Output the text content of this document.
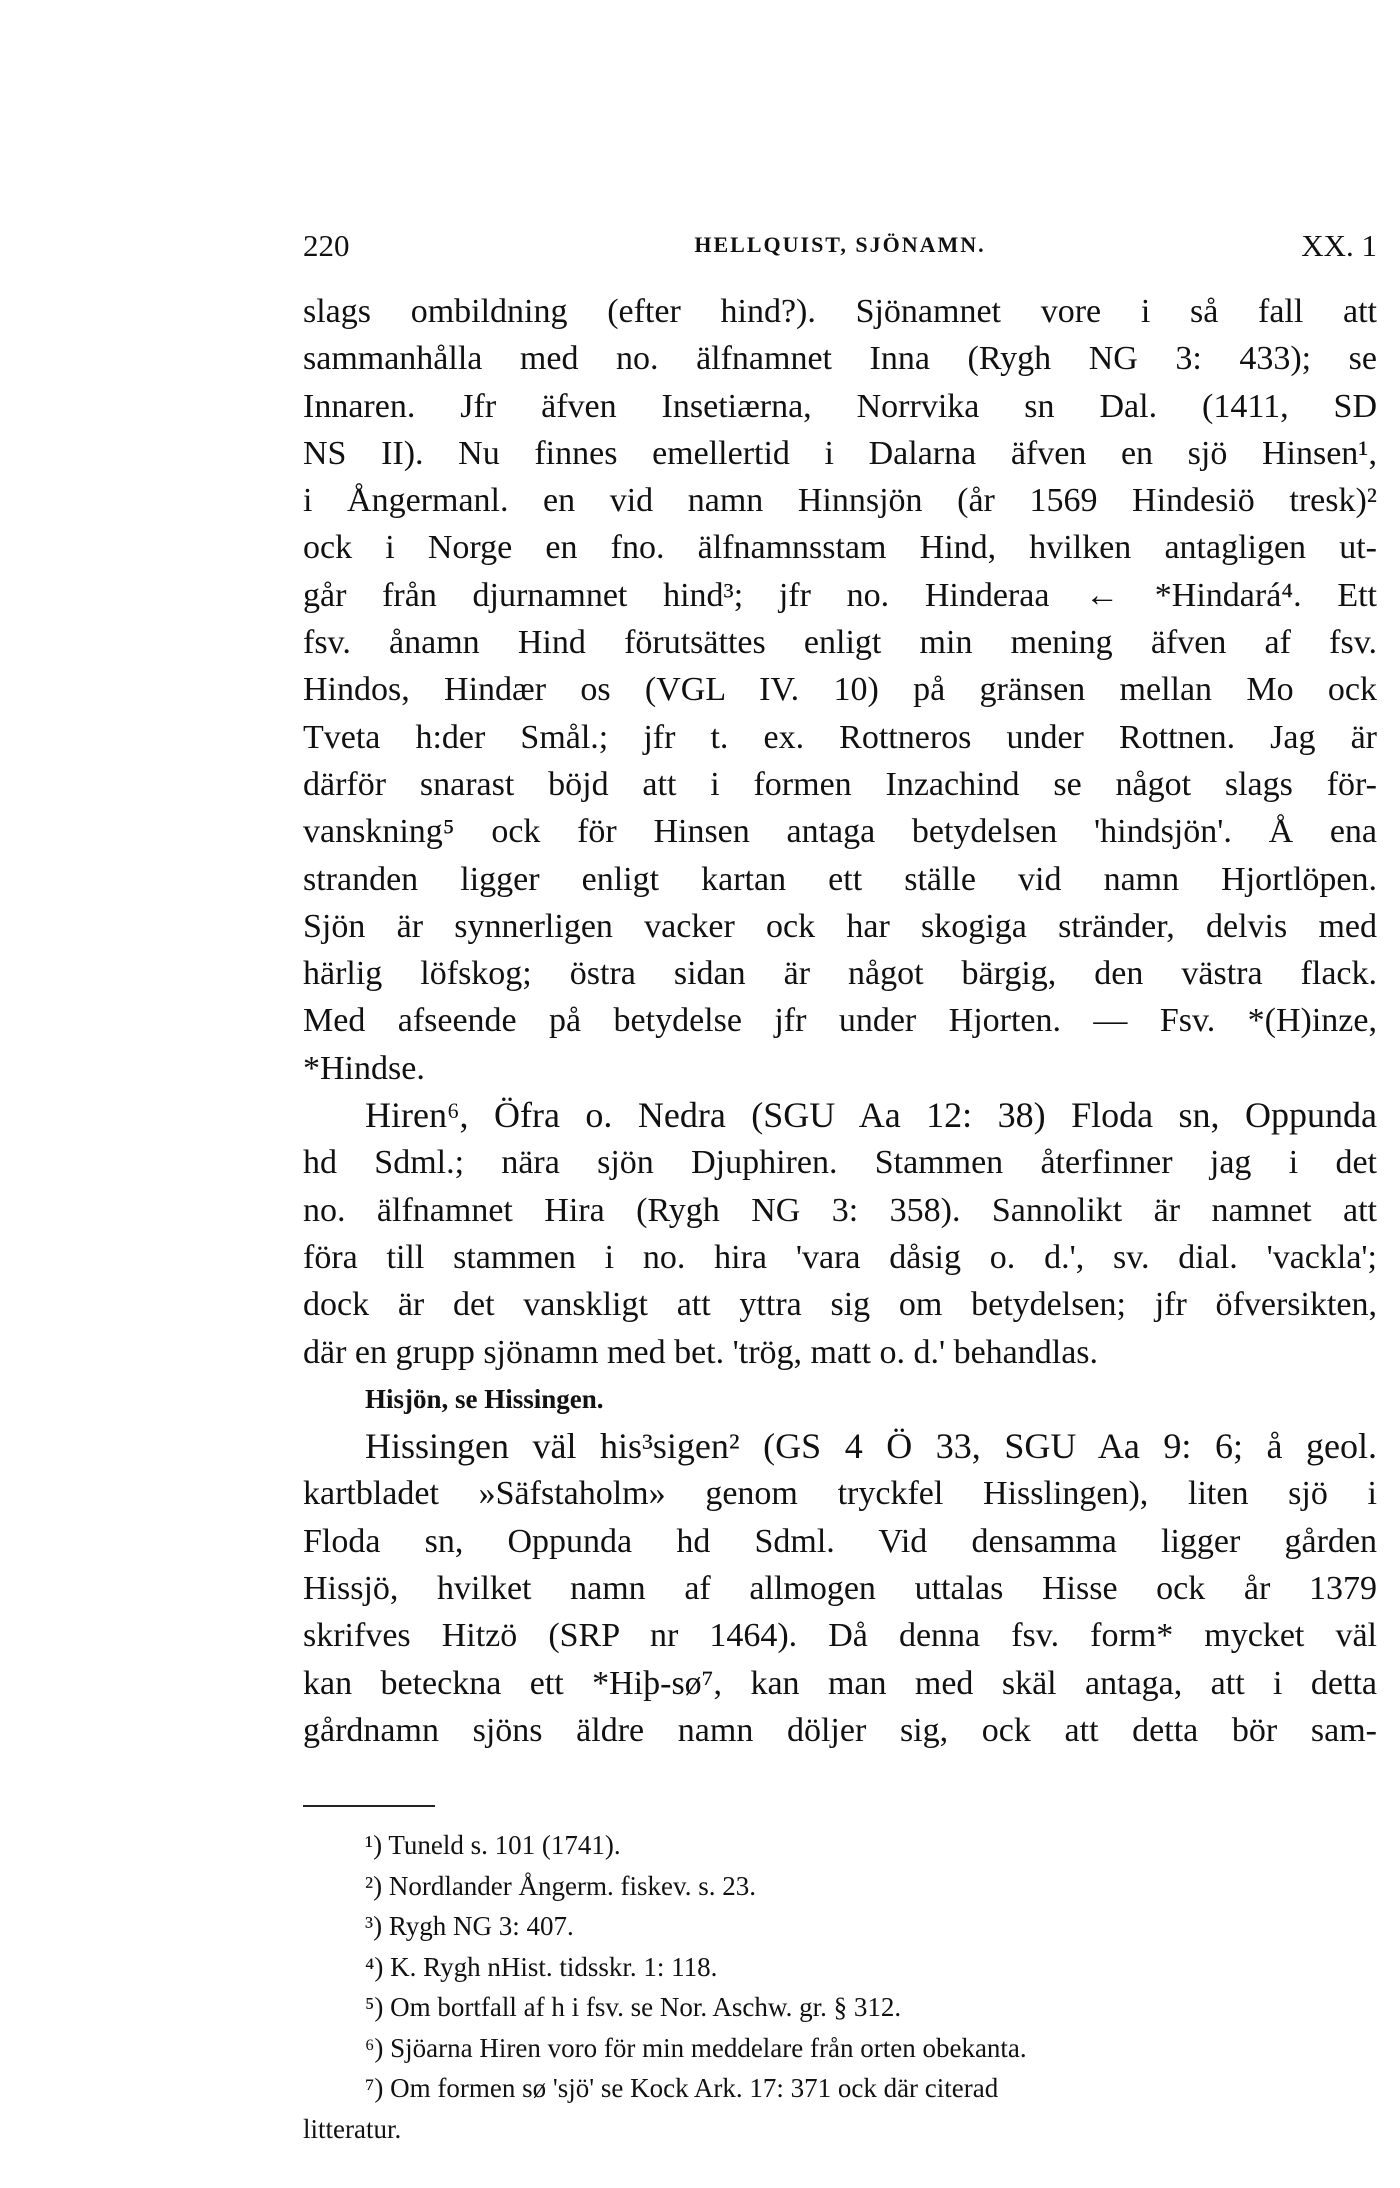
220	HELLQUIST, SJÖNAMN.	XX. 1
slags ombildning (efter hind?). Sjönamnet vore i så fall att
sammanhålla med no. älfnamnet Inna (Rygh NG 3: 433); se
Innaren. Jfr äfven Insetiærna, Norrvika sn Dal. (1411, SD
NS II). Nu finnes emellertid i Dalarna äfven en sjö Hinsen¹,
i Ångermanl. en vid namn Hinnsjön (år 1569 Hindesiö tresk)²
ock i Norge en fno. älfnamnsstam Hind, hvilken antagligen ut-
går från djurnamnet hind³; jfr no. Hinderaa ← *Hindará⁴. Ett
fsv. ånamn Hind förutsättes enligt min mening äfven af fsv.
Hindos, Hindær os (VGL IV. 10) på gränsen mellan Mo ock
Tveta h:der Smål.; jfr t. ex. Rottneros under Rottnen. Jag är
därför snarast böjd att i formen Inzachind se något slags för-
vanskning⁵ ock för Hinsen antaga betydelsen 'hindsjön'. Å ena
stranden ligger enligt kartan ett ställe vid namn Hjortlöpen.
Sjön är synnerligen vacker ock har skogiga stränder, delvis med
härlig löfskog; östra sidan är något bärgig, den västra flack.
Med afseende på betydelse jfr under Hjorten. — Fsv. *(H)inze,
*Hindse.
Hiren⁶, Öfra o. Nedra (SGU Aa 12: 38) Floda sn, Oppunda
hd Sdml.; nära sjön Djuphiren. Stammen återfinner jag i det
no. älfnamnet Hira (Rygh NG 3: 358). Sannolikt är namnet att
föra till stammen i no. hira 'vara dåsig o. d.', sv. dial. 'vackla';
dock är det vanskligt att yttra sig om betydelsen; jfr öfversikten,
där en grupp sjönamn med bet. 'trög, matt o. d.' behandlas.
Hisjön, se Hissingen.
Hissingen väl his³sigen² (GS 4 Ö 33, SGU Aa 9: 6; å geol.
kartbladet »Säfstaholm» genom tryckfel Hisslingen), liten sjö i
Floda sn, Oppunda hd Sdml. Vid densamma ligger gården
Hissjö, hvilket namn af allmogen uttalas Hisse ock år 1379
skrifves Hitzö (SRP nr 1464). Då denna fsv. form* mycket väl
kan beteckna ett *Hiþ-sø⁷, kan man med skäl antaga, att i detta
gårdnamn sjöns äldre namn döljer sig, ock att detta bör sam-
¹) Tuneld s. 101 (1741).
²) Nordlander Ångerm. fiskev. s. 23.
³) Rygh NG 3: 407.
⁴) K. Rygh nHist. tidsskr. 1: 118.
⁵) Om bortfall af h i fsv. se Nor. Aschw. gr. § 312.
⁶) Sjöarna Hiren voro för min meddelare från orten obekanta.
⁷) Om formen sø 'sjö' se Kock Ark. 17: 371 ock där citerad
litteratur.
